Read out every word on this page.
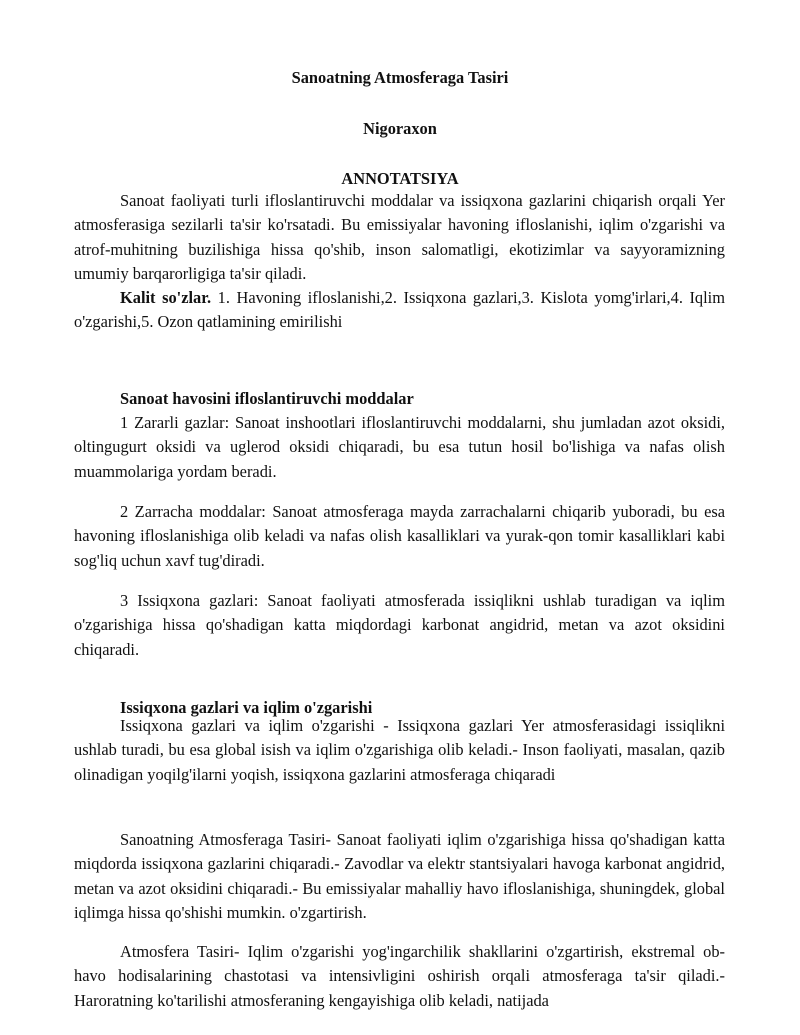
Sanoatning Atmosferaga Tasiri
Nigoraxon
ANNOTATSIYA

Sanoat faoliyati turli ifloslantiruvchi moddalar va issiqxona gazlarini chiqarish orqali Yer atmosferasiga sezilarli ta'sir ko'rsatadi. Bu emissiyalar havoning ifloslanishi, iqlim o'zgarishi va atrof-muhitning buzilishiga hissa qo'shib, inson salomatligi, ekotizimlar va sayyoramizning umumiy barqarorligiga ta'sir qiladi.

Kalit so'zlar. 1. Havoning ifloslanishi,2. Issiqxona gazlari,3. Kislota yomg'irlari,4. Iqlim o'zgarishi,5. Ozon qatlamining emirilishi

Sanoat havosini ifloslantiruvchi moddalar

1 Zararli gazlar: Sanoat inshootlari ifloslantiruvchi moddalarni, shu jumladan azot oksidi, oltingugurt oksidi va uglerod oksidi chiqaradi, bu esa tutun hosil bo'lishiga va nafas olish muammolariga yordam beradi.

2 Zarracha moddalar: Sanoat atmosferaga mayda zarrachalarni chiqarib yuboradi, bu esa havoning ifloslanishiga olib keladi va nafas olish kasalliklari va yurak-qon tomir kasalliklari kabi sog'liq uchun xavf tug'diradi.

3 Issiqxona gazlari: Sanoat faoliyati atmosferada issiqlikni ushlab turadigan va iqlim o'zgarishiga hissa qo'shadigan katta miqdordagi karbonat angidrid, metan va azot oksidini chiqaradi.

Issiqxona gazlari va iqlim o'zgarishi

Issiqxona gazlari va iqlim o'zgarishi - Issiqxona gazlari Yer atmosferasidagi issiqlikni ushlab turadi, bu esa global isish va iqlim o'zgarishiga olib keladi.- Inson faoliyati, masalan, qazib olinadigan yoqilg'ilarni yoqish, issiqxona gazlarini atmosferaga chiqaradi

Sanoatning Atmosferaga Tasiri- Sanoat faoliyati iqlim o'zgarishiga hissa qo'shadigan katta miqdorda issiqxona gazlarini chiqaradi.- Zavodlar va elektr stantsiyalari havoga karbonat angidrid, metan va azot oksidini chiqaradi.- Bu emissiyalar mahalliy havo ifloslanishiga, shuningdek, global iqlimga hissa qo'shishi mumkin. o'zgartirish.

Atmosfera Tasiri- Iqlim o'zgarishi yog'ingarchilik shakllarini o'zgartirish, ekstremal ob-havo hodisalarining chastotasi va intensivligini oshirish orqali atmosferaga ta'sir qiladi.- Haroratning ko'tarilishi atmosferaning kengayishiga olib keladi, natijada
